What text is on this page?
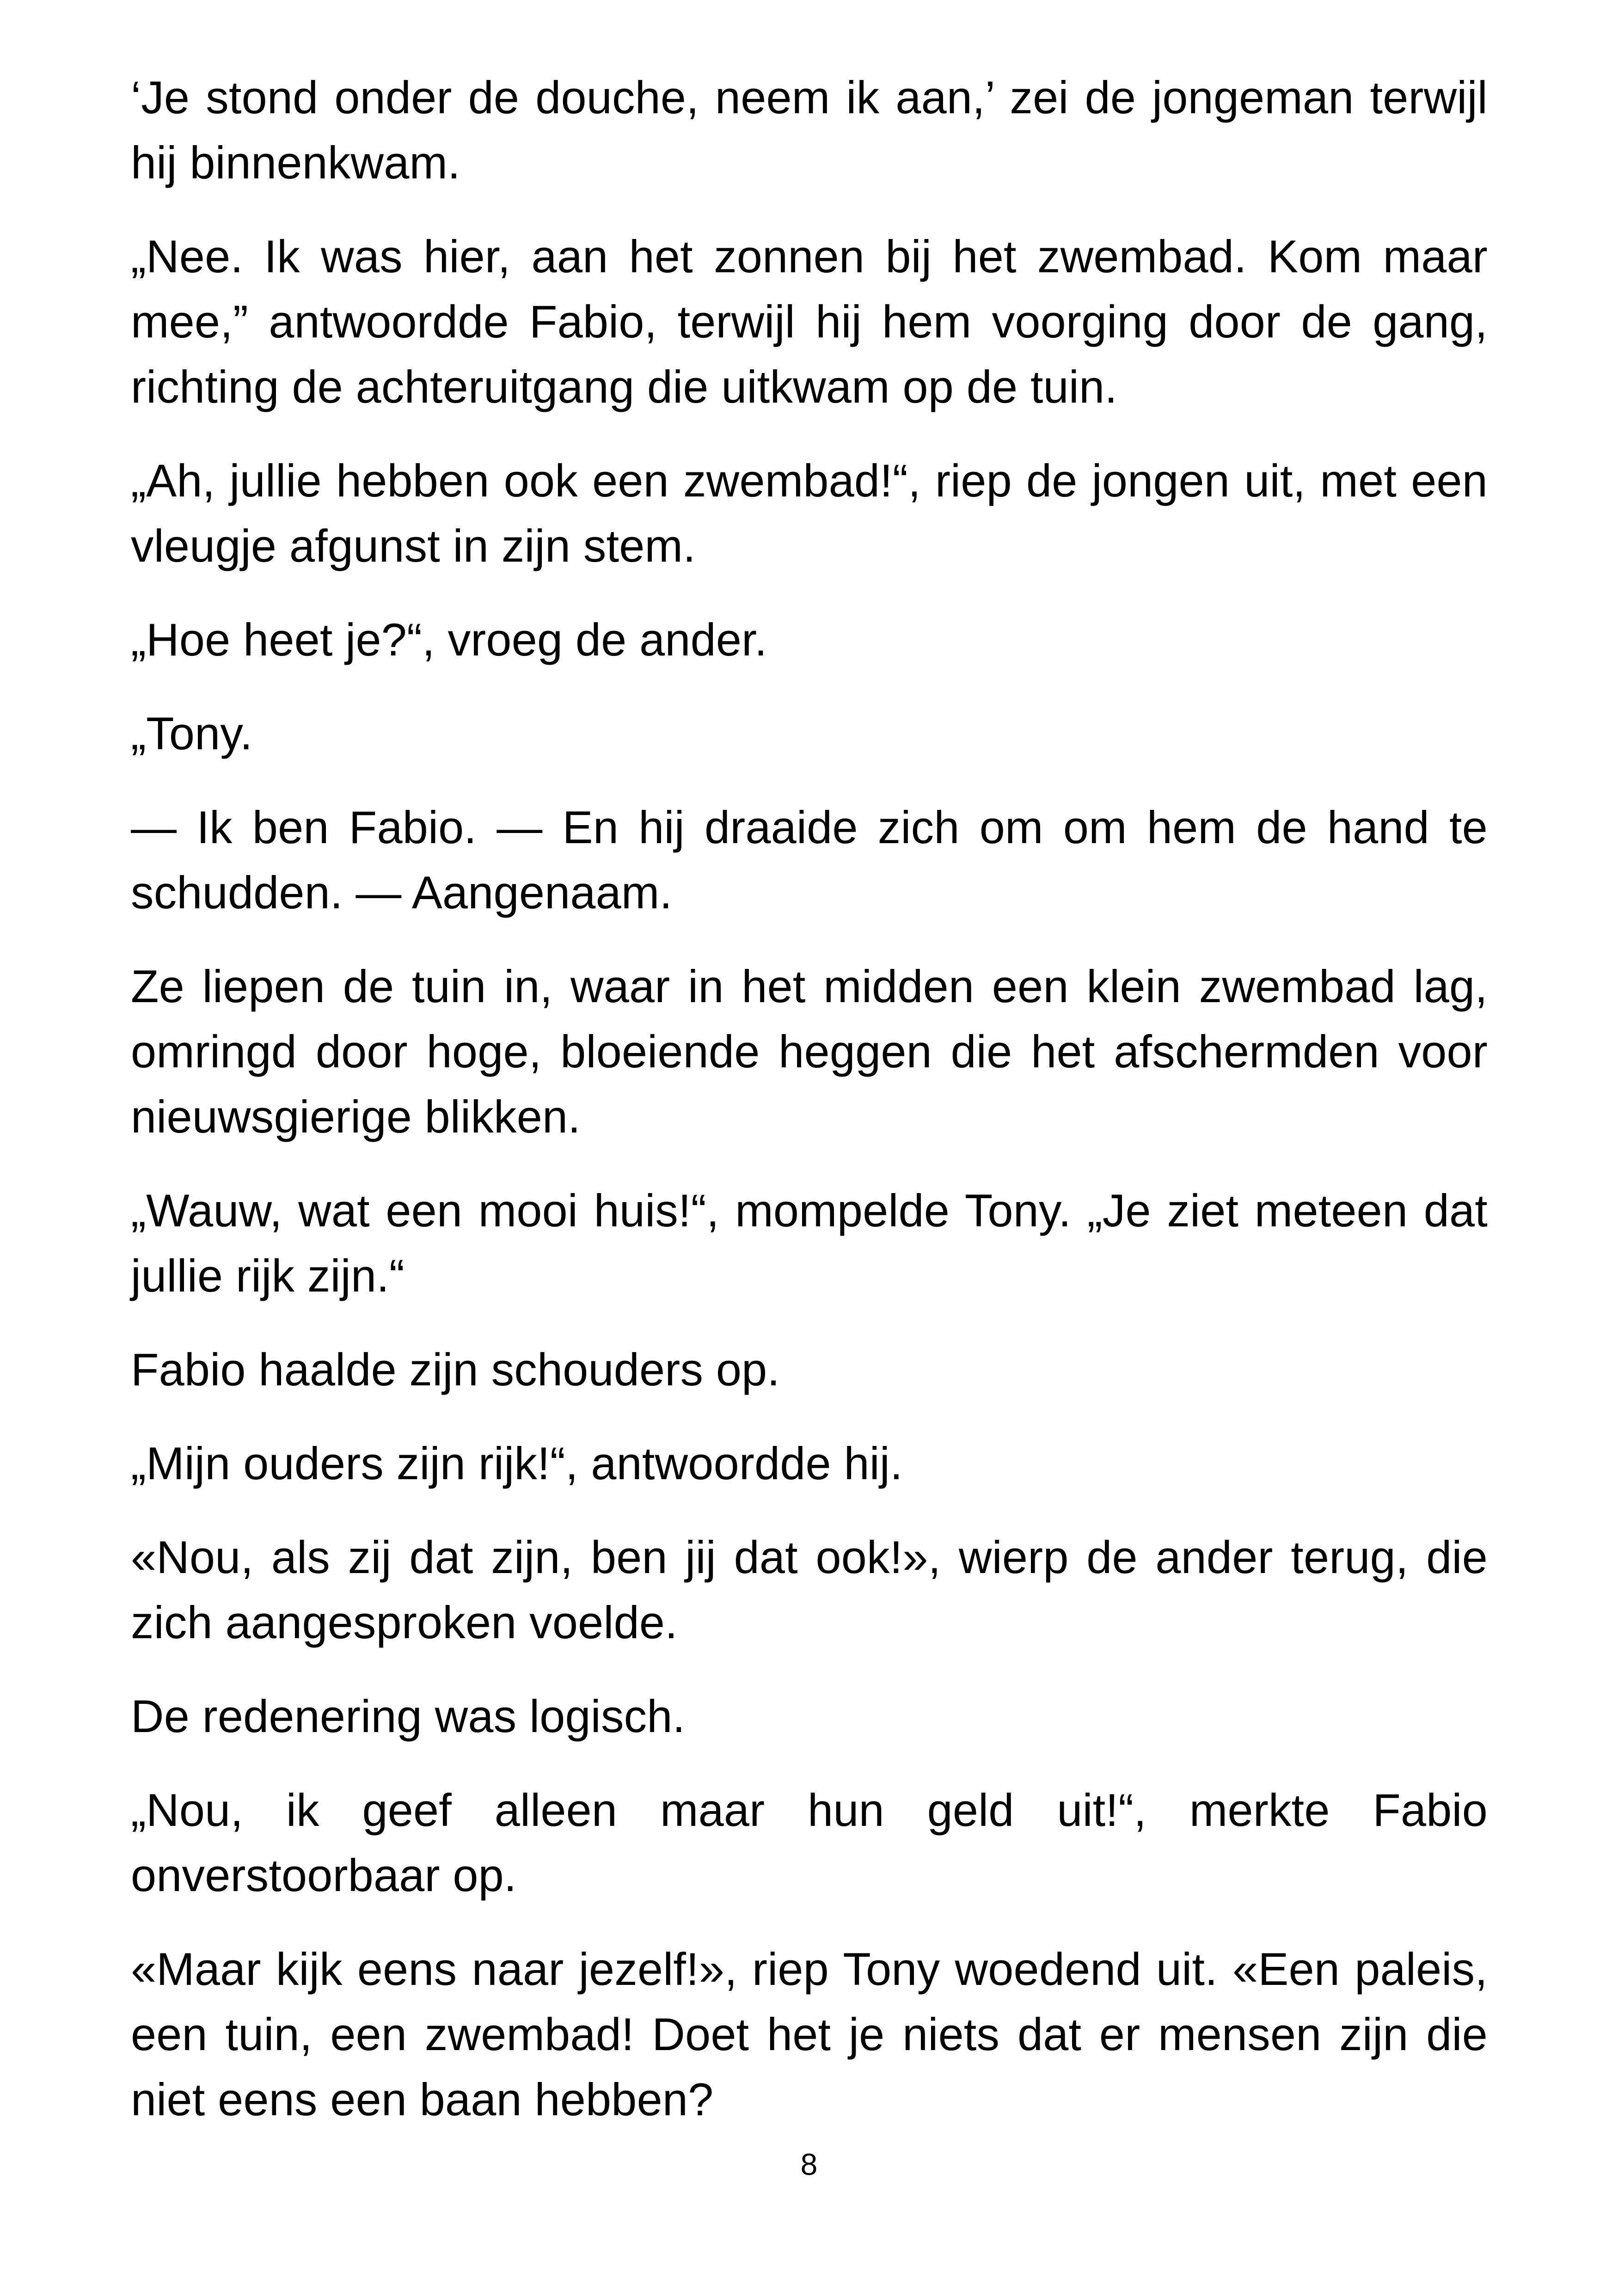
‘Je stond onder de douche, neem ik aan,’ zei de jongeman terwijl hij binnenkwam.

„Nee. Ik was hier, aan het zonnen bij het zwembad. Kom maar mee,” antwoordde Fabio, terwijl hij hem voorging door de gang, richting de achteruitgang die uitkwam op de tuin.

„Ah, jullie hebben ook een zwembad!“, riep de jongen uit, met een vleugje afgunst in zijn stem.

„Hoe heet je?“, vroeg de ander.

„Tony.

— Ik ben Fabio. — En hij draaide zich om om hem de hand te schudden. — Aangenaam.

Ze liepen de tuin in, waar in het midden een klein zwembad lag, omringd door hoge, bloeiende heggen die het afschermden voor nieuwsgierige blikken.

„Wauw, wat een mooi huis!“, mompelde Tony. „Je ziet meteen dat jullie rijk zijn.“

Fabio haalde zijn schouders op.

„Mijn ouders zijn rijk!“, antwoordde hij.

«Nou, als zij dat zijn, ben jij dat ook!», wierp de ander terug, die zich aangesproken voelde.

De redenering was logisch.

„Nou, ik geef alleen maar hun geld uit!“, merkte Fabio onverstoorbaar op.

«Maar kijk eens naar jezelf!», riep Tony woedend uit. «Een paleis, een tuin, een zwembad! Doet het je niets dat er mensen zijn die niet eens een baan hebben?

8
